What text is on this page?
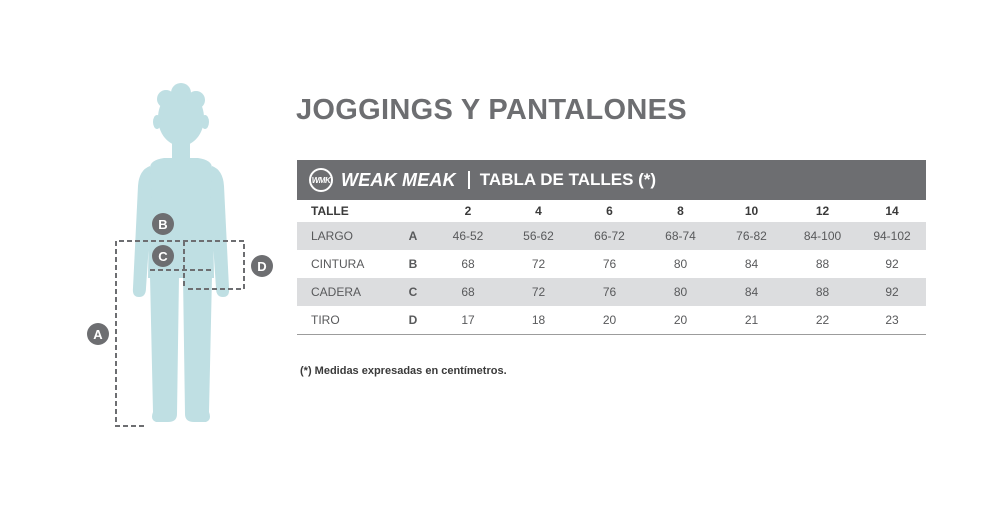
A
B
C
D
JOGGINGS Y PANTALONES
WMK WEAK MEAK TABLA DE TALLES (*)
TALLE		2	4	6	8	10	12	14
LARGO	A	46-52	56-62	66-72	68-74	76-82	84-100	94-102
CINTURA	B	68	72	76	80	84	88	92
CADERA	C	68	72	76	80	84	88	92
TIRO	D	17	18	20	20	21	22	23
(*) Medidas expresadas en centímetros.
